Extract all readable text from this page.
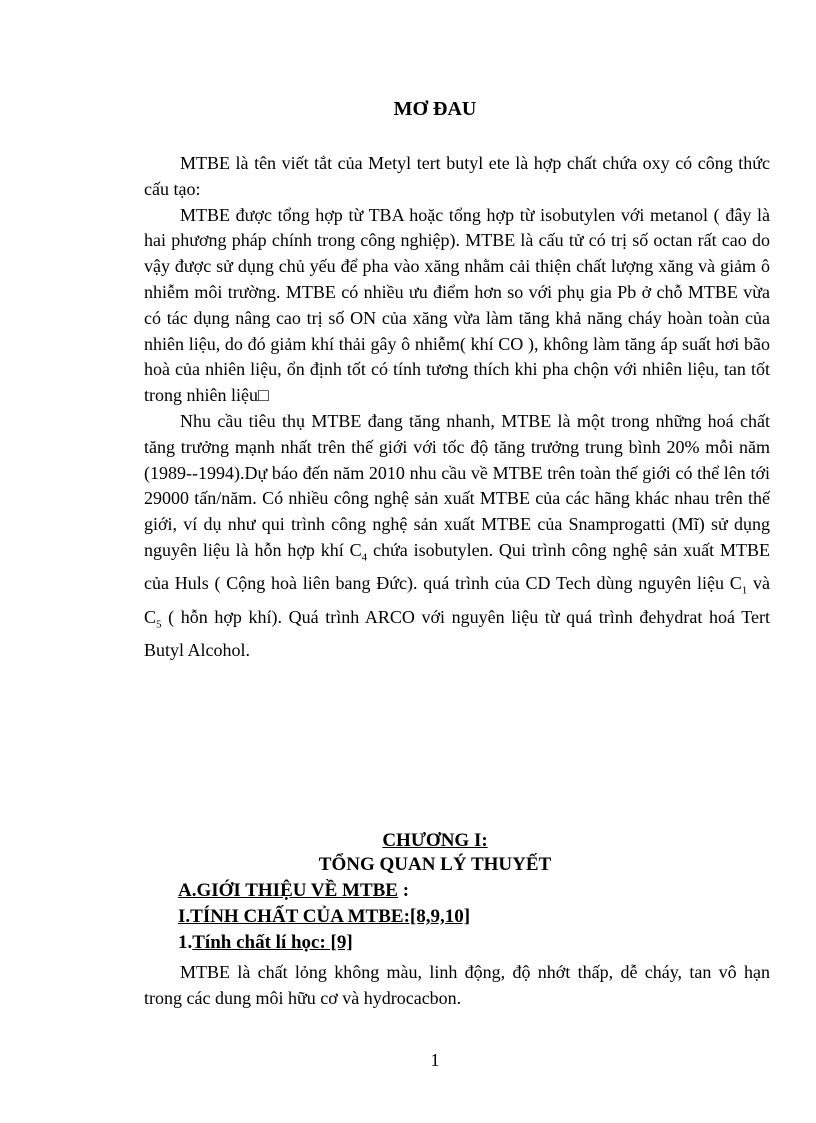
MƠ ĐAU

MTBE là tên viết tắt của Metyl tert butyl ete là hợp chất chứa oxy có công thức cấu tạo:

MTBE được tổng hợp từ TBA hoặc tổng hợp từ isobutylen với metanol ( đây là hai phương pháp chính trong công nghiệp). MTBE là cấu tử có trị số octan rất cao do vậy được sử dụng chủ yếu để pha vào xăng nhằm cải thiện chất lượng xăng và giảm ô nhiễm môi trường. MTBE có nhiều ưu điểm hơn so với phụ gia Pb ở chỗ MTBE vừa có tác dụng nâng cao trị số ON của xăng vừa làm tăng khả năng cháy hoàn toàn của nhiên liệu, do đó giảm khí thải gây ô nhiễm( khí CO ), không làm tăng áp suất hơi bão hoà của nhiên liệu, ổn định tốt có tính tương thích khi pha chộn với nhiên liệu, tan tốt trong nhiên liệu□

Nhu cầu tiêu thụ MTBE đang tăng nhanh, MTBE là một trong những hoá chất tăng trưởng mạnh nhất trên thế giới với tốc độ tăng trưởng trung bình 20% mỗi năm (1989--1994).Dự báo đến năm 2010 nhu cầu về MTBE trên toàn thế giới có thể lên tới 29000 tấn/năm. Có nhiều công nghệ sản xuất MTBE của các hãng khác nhau trên thế giới, ví dụ như qui trình công nghệ sản xuất MTBE của Snamprogatti (Mĩ) sử dụng nguyên liệu là hỗn hợp khí $C_4$ chứa isobutylen. Qui trình công nghệ sản xuất MTBE của Huls ( Cộng hoà liên bang Đức). quá trình của CD Tech dùng nguyên liệu $C_1$ và $C_5$ ( hỗn hợp khí). Quá trình ARCO với nguyên liệu từ quá trình đehydrat hoá Tert Butyl Alcohol.

CHƯƠNG I:
TỔNG QUAN LÝ THUYẾT
A.GIỚI THIỆU VỀ MTBE :
I.TÍNH CHẤT CỦA MTBE:[8,9,10]
1.Tính chất lí học: [9]

MTBE là chất lỏng không màu, linh động, độ nhớt thấp, dễ cháy, tan vô hạn trong các dung môi hữu cơ và hydrocacbon.

1
